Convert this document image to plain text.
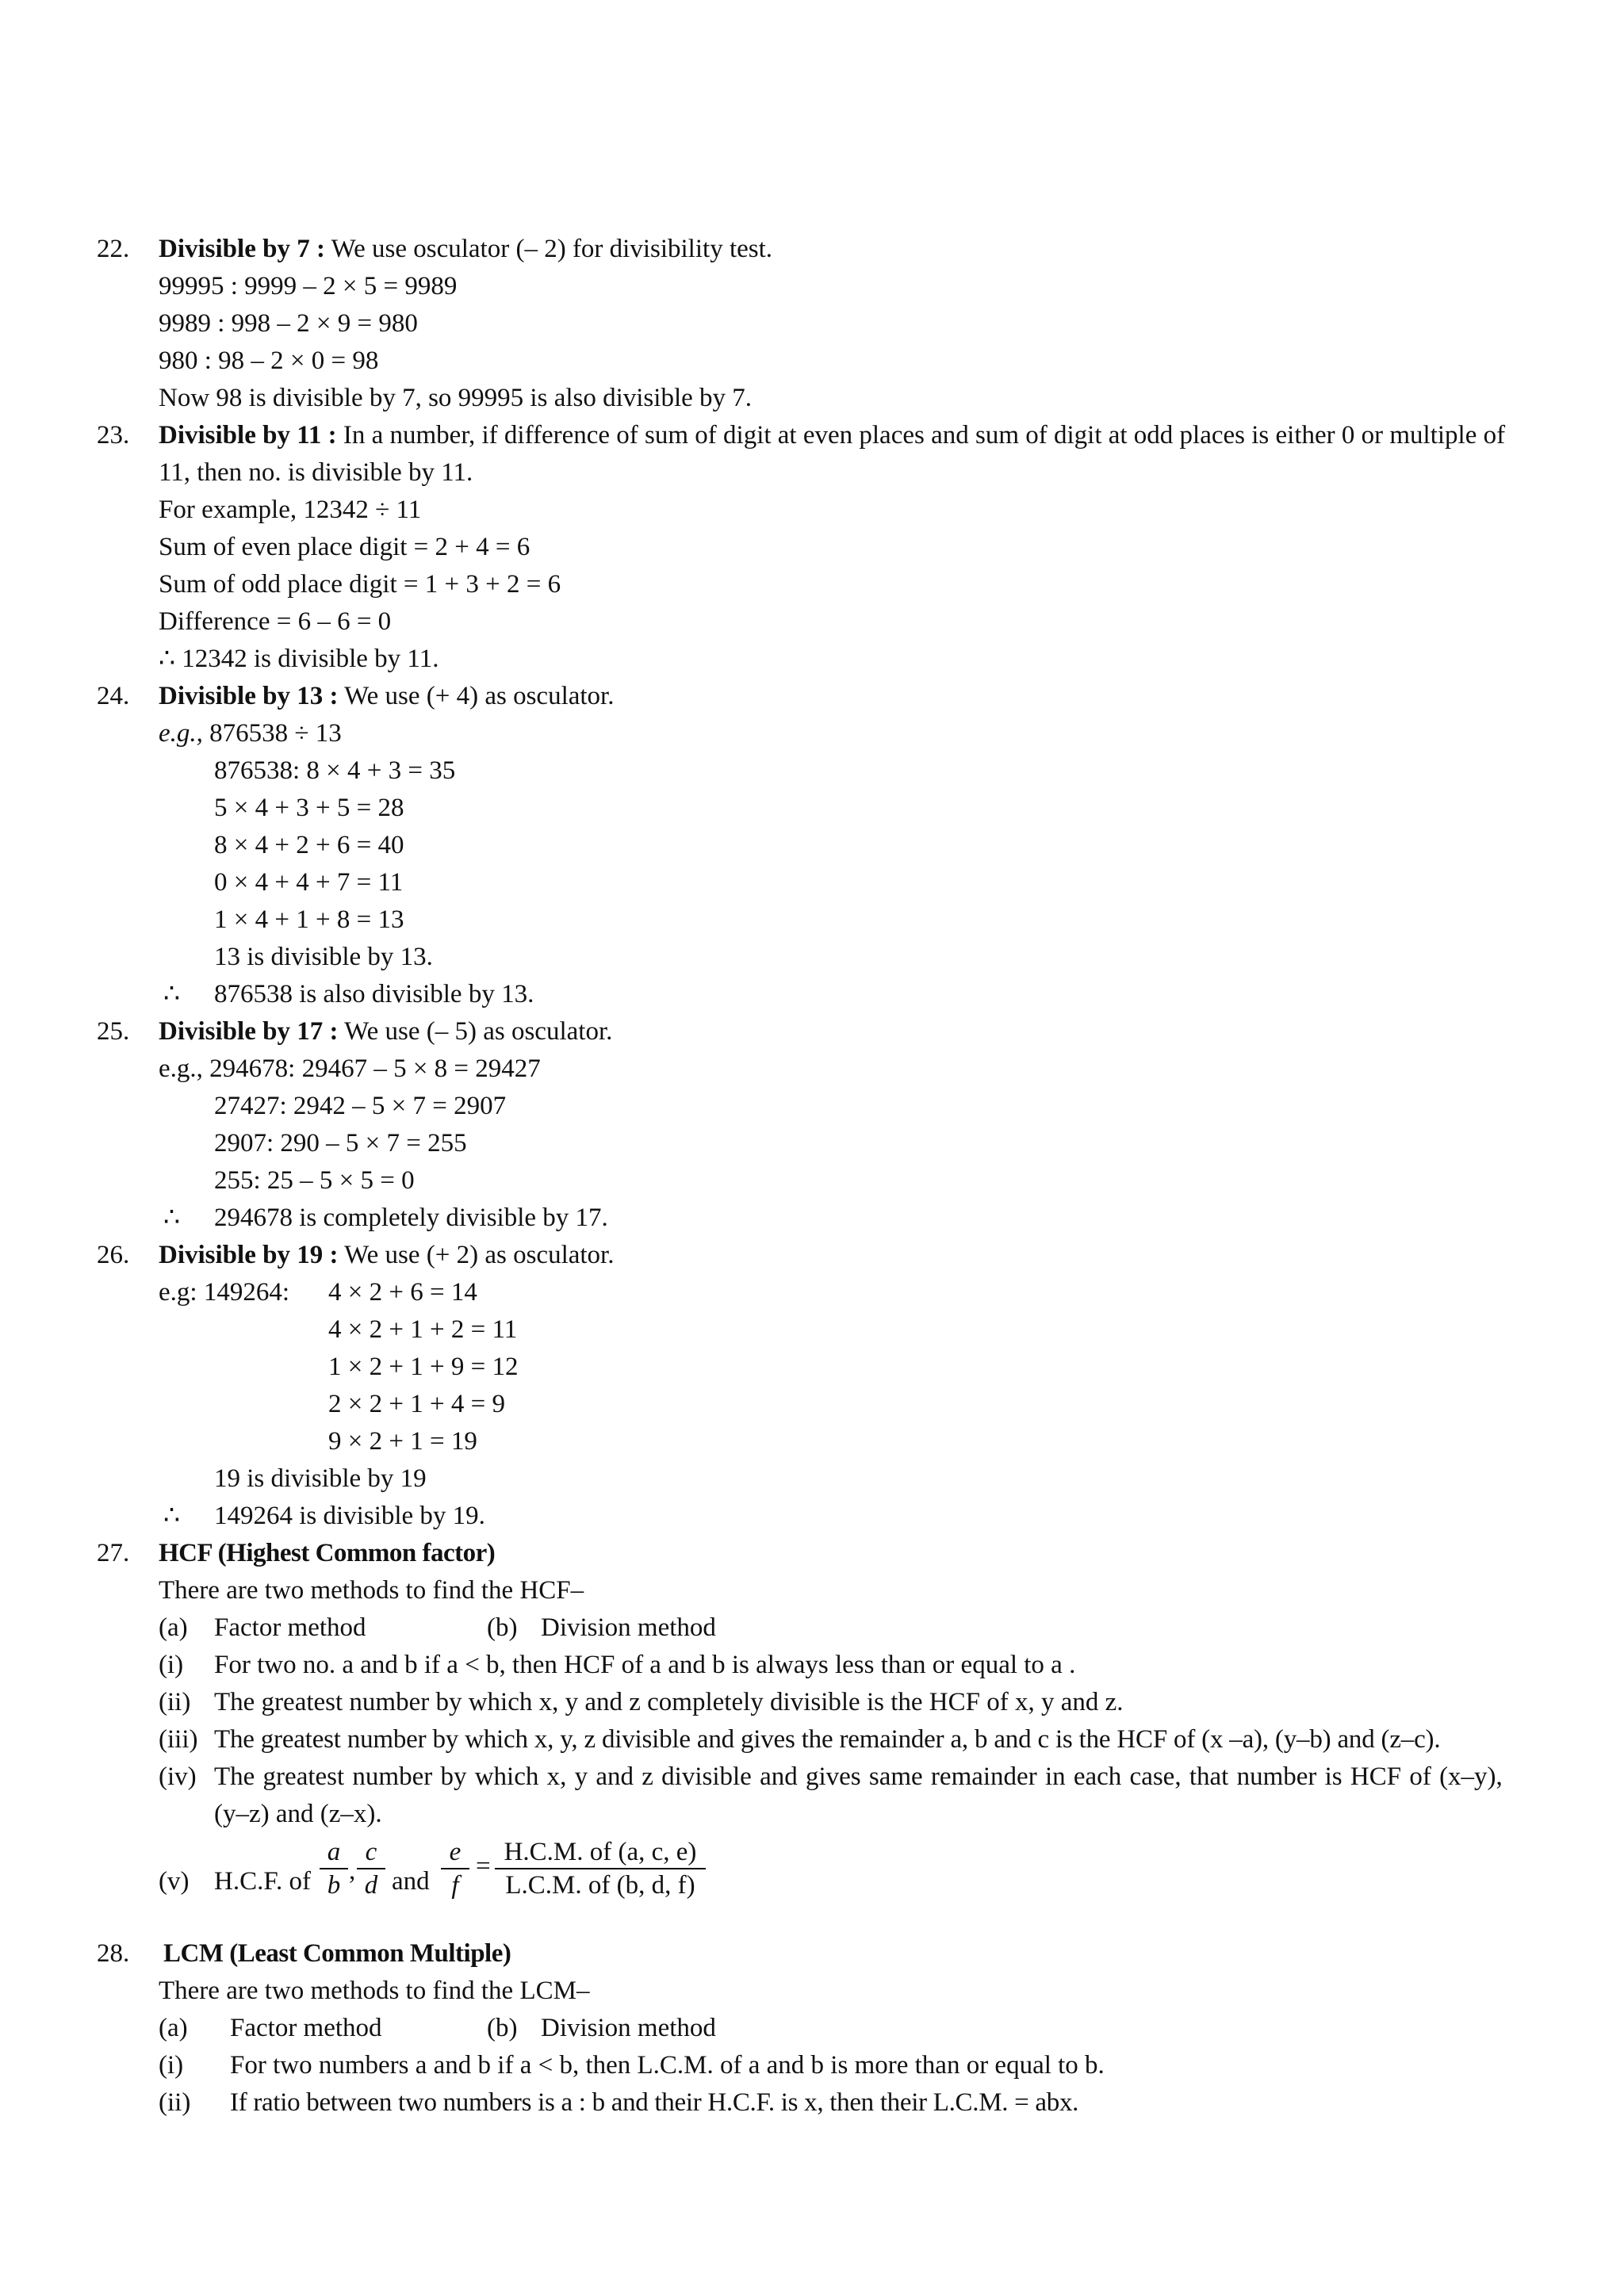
22. Divisible by 7 : We use osculator (– 2) for divisibility test.
99995 : 9999 – 2 × 5 = 9989
9989 : 998 – 2 × 9 = 980
980 : 98 – 2 × 0 = 98
Now 98 is divisible by 7, so 99995 is also divisible by 7.
23. Divisible by 11 : In a number, if difference of sum of digit at even places and sum of digit at odd places is either 0 or multiple of
11, then no. is divisible by 11.
For example, 12342 ÷ 11
Sum of even place digit = 2 + 4 = 6
Sum of odd place digit = 1 + 3 + 2 = 6
Difference = 6 – 6 = 0
∴ 12342 is divisible by 11.
24. Divisible by 13 : We use (+ 4) as osculator.
e.g., 876538 ÷ 13
876538: 8 × 4 + 3 = 35
5 × 4 + 3 + 5 = 28
8 × 4 + 2 + 6 = 40
0 × 4 + 4 + 7 = 11
1 × 4 + 1 + 8 = 13
13 is divisible by 13.
∴ 876538 is also divisible by 13.
25. Divisible by 17 : We use (– 5) as osculator.
e.g., 294678: 29467 – 5 × 8 = 29427
27427: 2942 – 5 × 7 = 2907
2907: 290 – 5 × 7 = 255
255: 25 – 5 × 5 = 0
∴ 294678 is completely divisible by 17.
26. Divisible by 19 : We use (+ 2) as osculator.
e.g: 149264: 4 × 2 + 6 = 14
4 × 2 + 1 + 2 = 11
1 × 2 + 1 + 9 = 12
2 × 2 + 1 + 4 = 9
9 × 2 + 1 = 19
19 is divisible by 19
∴ 149264 is divisible by 19.
27. HCF (Highest Common factor)
There are two methods to find the HCF–
(a) Factor method	(b) Division method
(i) For two no. a and b if a < b, then HCF of a and b is always less than or equal to a .
(ii) The greatest number by which x, y and z completely divisible is the HCF of x, y and z.
(iii) The greatest number by which x, y, z divisible and gives the remainder a, b and c is the HCF of (x –a), (y–b) and (z–c).
(iv) The greatest number by which x, y and z divisible and gives same remainder in each case, that number is HCF of (x–y),
(y–z) and (z–x).
(v) H.C.F. of $\frac{a}{b}$ , $\frac{c}{d}$ and $\frac{e}{f} = \frac{H.C.M. of (a, c, e)}{L.C.M. of (b, d, f)}$
28. LCM (Least Common Multiple)
There are two methods to find the LCM–
(a) Factor method	(b) Division method
(i) For two numbers a and b if a < b, then L.C.M. of a and b is more than or equal to b.
(ii) If ratio between two numbers is a : b and their H.C.F. is x, then their L.C.M. = abx.
